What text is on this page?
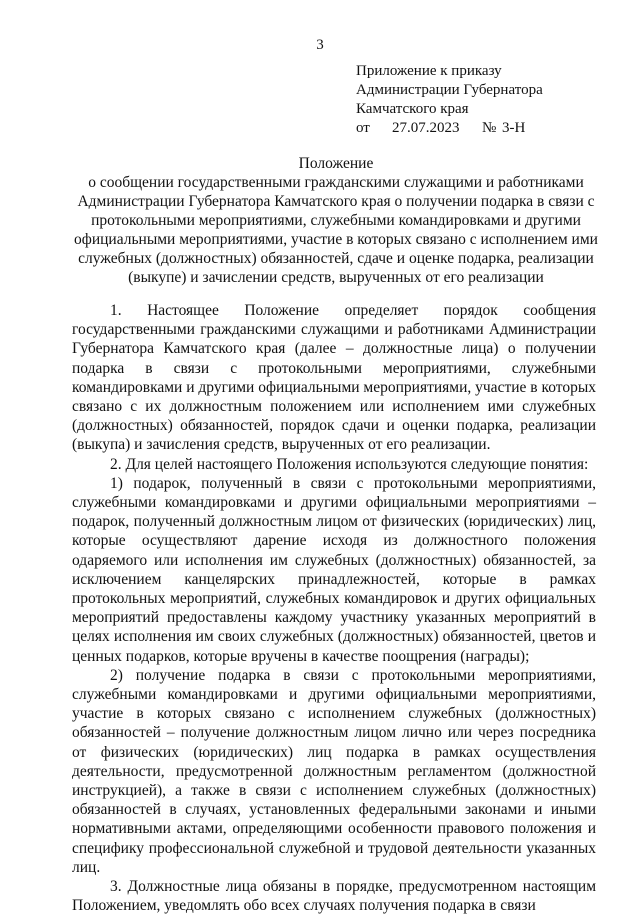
3
Приложение к приказу
Администрации Губернатора
Камчатского края
от 27.07.2023 № 3-Н
Положение
о сообщении государственными гражданскими служащими и работниками
Администрации Губернатора Камчатского края о получении подарка в связи с
протокольными мероприятиями, служебными командировками и другими
официальными мероприятиями, участие в которых связано с исполнением ими
служебных (должностных) обязанностей, сдаче и оценке подарка, реализации
(выкупе) и зачислении средств, вырученных от его реализации

1. Настоящее Положение определяет порядок сообщения государственными гражданскими служащими и работниками Администрации Губернатора Камчатского края (далее – должностные лица) о получении подарка в связи с протокольными мероприятиями, служебными командировками и другими официальными мероприятиями, участие в которых связано с их должностным положением или исполнением ими служебных (должностных) обязанностей, порядок сдачи и оценки подарка, реализации (выкупа) и зачисления средств, вырученных от его реализации.

2. Для целей настоящего Положения используются следующие понятия:

1) подарок, полученный в связи с протокольными мероприятиями, служебными командировками и другими официальными мероприятиями – подарок, полученный должностным лицом от физических (юридических) лиц, которые осуществляют дарение исходя из должностного положения одаряемого или исполнения им служебных (должностных) обязанностей, за исключением канцелярских принадлежностей, которые в рамках протокольных мероприятий, служебных командировок и других официальных мероприятий предоставлены каждому участнику указанных мероприятий в целях исполнения им своих служебных (должностных) обязанностей, цветов и ценных подарков, которые вручены в качестве поощрения (награды);

2) получение подарка в связи с протокольными мероприятиями, служебными командировками и другими официальными мероприятиями, участие в которых связано с исполнением служебных (должностных) обязанностей – получение должностным лицом лично или через посредника от физических (юридических) лиц подарка в рамках осуществления деятельности, предусмотренной должностным регламентом (должностной инструкцией), а также в связи с исполнением служебных (должностных) обязанностей в случаях, установленных федеральными законами и иными нормативными актами, определяющими особенности правового положения и специфику профессиональной служебной и трудовой деятельности указанных лиц.

3. Должностные лица обязаны в порядке, предусмотренном настоящим Положением, уведомлять обо всех случаях получения подарка в связи
